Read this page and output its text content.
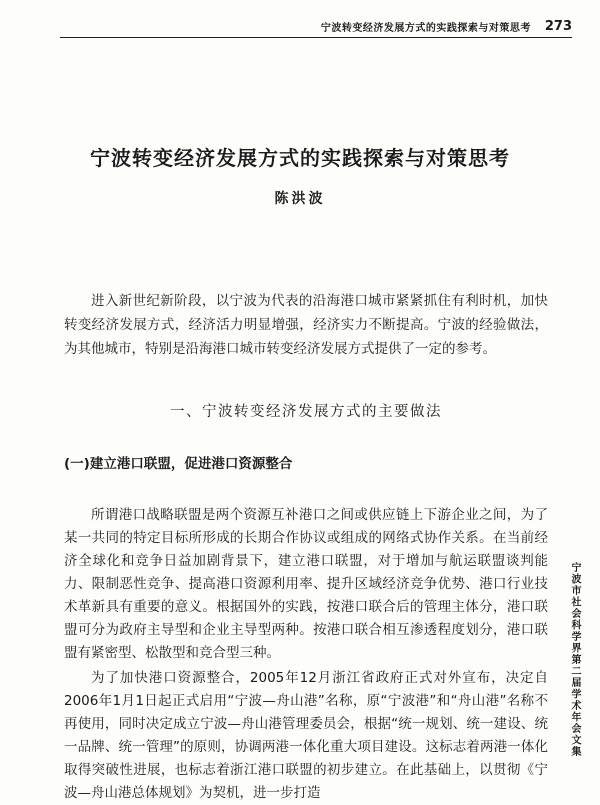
宁波转变经济发展方式的实践探索与对策思考 273
宁波转变经济发展方式的实践探索与对策思考
陈洪波

进入新世纪新阶段，以宁波为代表的沿海港口城市紧紧抓住有利时机，加快转变经济发展方式，经济活力明显增强，经济实力不断提高。宁波的经验做法，为其他城市，特别是沿海港口城市转变经济发展方式提供了一定的参考。

一、宁波转变经济发展方式的主要做法
(一)建立港口联盟，促进港口资源整合

所谓港口战略联盟是两个资源互补港口之间或供应链上下游企业之间，为了某一共同的特定目标所形成的长期合作协议或组成的网络式协作关系。在当前经济全球化和竞争日益加剧背景下，建立港口联盟，对于增加与航运联盟谈判能力、限制恶性竞争、提高港口资源利用率、提升区域经济竞争优势、港口行业技术革新具有重要的意义。根据国外的实践，按港口联合后的管理主体分，港口联盟可分为政府主导型和企业主导型两种。按港口联合相互渗透程度划分，港口联盟有紧密型、松散型和竞合型三种。

为了加快港口资源整合，2005年12月浙江省政府正式对外宣布，决定自2006年1月1日起正式启用“宁波—舟山港”名称，原“宁波港”和“舟山港”名称不再使用，同时决定成立宁波—舟山港管理委员会，根据“统一规划、统一建设、统一品牌、统一管理”的原则，协调两港一体化重大项目建设。这标志着两港一体化取得突破性进展，也标志着浙江港口联盟的初步建立。在此基础上，以贯彻《宁波—舟山港总体规划》为契机，进一步打造

宁波市社会科学界第二届学术年会文集
